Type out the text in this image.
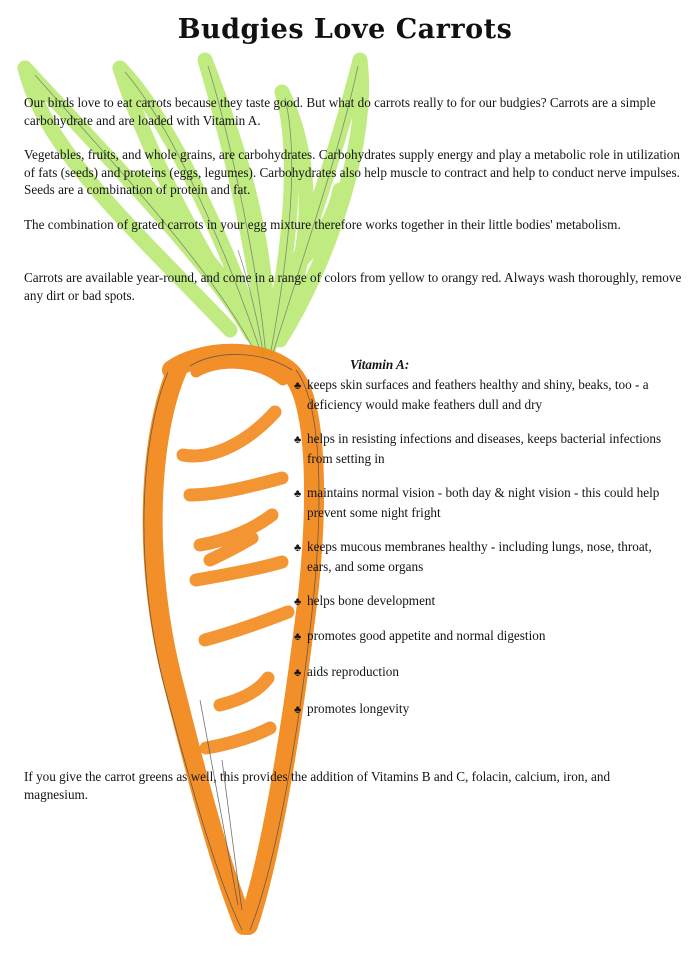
Budgies Love Carrots

Our birds love to eat carrots because they taste good. But what do carrots really to for our budgies? Carrots are a simple carbohydrate and are loaded with Vitamin A.

Vegetables, fruits, and whole grains, are carbohydrates. Carbohydrates supply energy and play a metabolic role in utilization of fats (seeds) and proteins (eggs, legumes). Carbohydrates also help muscle to contract and help to conduct nerve impulses. Seeds are a combination of protein and fat.

The combination of grated carrots in your egg mixture therefore works together in their little bodies' metabolism.

Carrots are available year-round, and come in a range of colors from yellow to orangy red. Always wash thoroughly, remove any dirt or bad spots.

Vitamin A:

♣ keeps skin surfaces and feathers healthy and shiny, beaks, too - a deficiency would make feathers dull and dry

♣ helps in resisting infections and diseases, keeps bacterial infections from setting in

♣ maintains normal vision - both day & night vision - this could help prevent some night fright

♣ keeps mucous membranes healthy - including lungs, nose, throat, ears, and some organs

♣ helps bone development

♣ promotes good appetite and normal digestion

♣ aids reproduction

♣ promotes longevity

If you give the carrot greens as well, this provides the addition of Vitamins B and C, folacin, calcium, iron, and magnesium.
